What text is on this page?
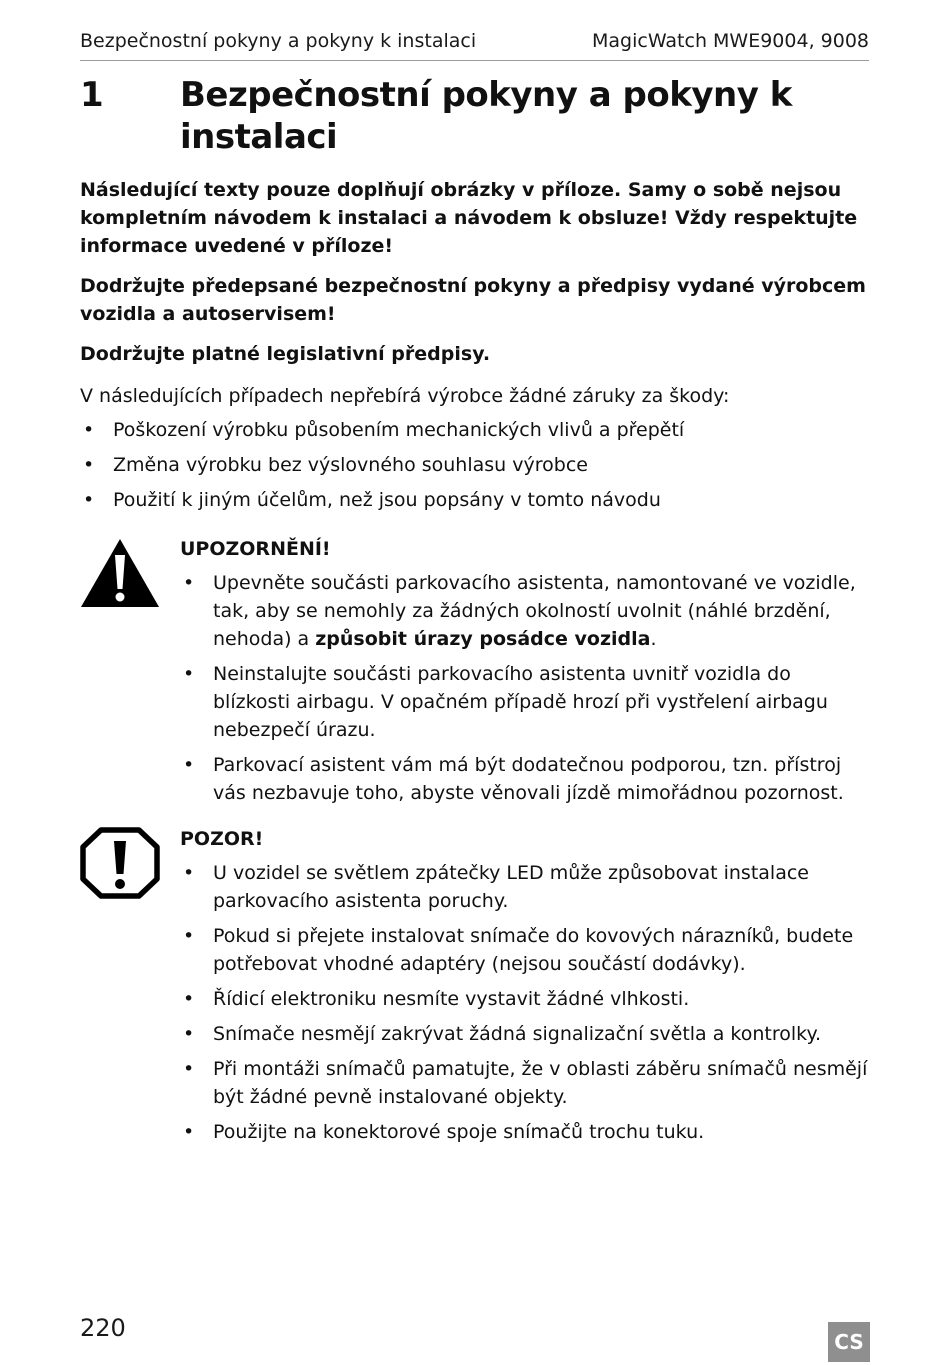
Bezpečnostní pokyny a pokyny k instalaci	MagicWatch MWE9004, 9008
1 Bezpečnostní pokyny a pokyny k instalaci

Následující texty pouze doplňují obrázky v příloze. Samy o sobě nejsou kompletním návodem k instalaci a návodem k obsluze! Vždy respektujte informace uvedené v příloze!

Dodržujte předepsané bezpečnostní pokyny a předpisy vydané výrobcem vozidla a autoservisem!

Dodržujte platné legislativní předpisy.

V následujících případech nepřebírá výrobce žádné záruky za škody:

• Poškození výrobku působením mechanických vlivů a přepětí
• Změna výrobku bez výslovného souhlasu výrobce
• Použití k jiným účelům, než jsou popsány v tomto návodu
UPOZORNĚNÍ!
• Upevněte součásti parkovacího asistenta, namontované ve vozidle, tak, aby se nemohly za žádných okolností uvolnit (náhlé brzdění, nehoda) a způsobit úrazy posádce vozidla.
• Neinstalujte součásti parkovacího asistenta uvnitř vozidla do blízkosti airbagu. V opačném případě hrozí při vystřelení airbagu nebezpečí úrazu.
• Parkovací asistent vám má být dodatečnou podporou, tzn. přístroj vás nezbavuje toho, abyste věnovali jízdě mimořádnou pozornost.
POZOR!
• U vozidel se světlem zpátečky LED může způsobovat instalace parkovacího asistenta poruchy.
• Pokud si přejete instalovat snímače do kovových nárazníků, budete potřebovat vhodné adaptéry (nejsou součástí dodávky).
• Řídicí elektroniku nesmíte vystavit žádné vlhkosti.
• Snímače nesmějí zakrývat žádná signalizační světla a kontrolky.
• Při montáži snímačů pamatujte, že v oblasti záběru snímačů nesmějí být žádné pevně instalované objekty.
• Použijte na konektorové spoje snímačů trochu tuku.
220	CS
